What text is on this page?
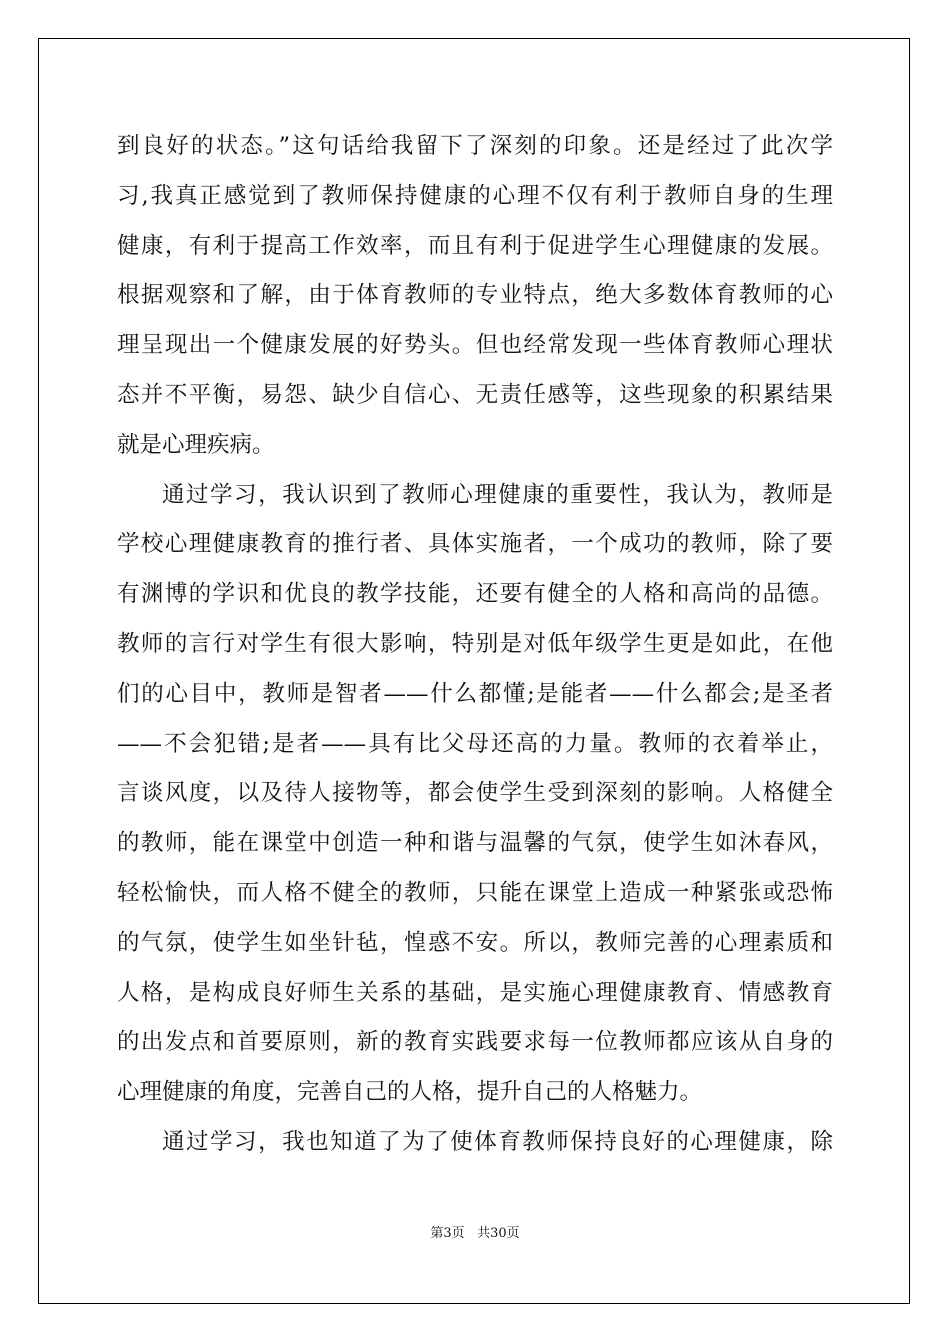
到良好的状态。”这句话给我留下了深刻的印象。还是经过了此次学
习,我真正感觉到了教师保持健康的心理不仅有利于教师自身的生理
健康，有利于提高工作效率，而且有利于促进学生心理健康的发展。
根据观察和了解，由于体育教师的专业特点，绝大多数体育教师的心
理呈现出一个健康发展的好势头。但也经常发现一些体育教师心理状
态并不平衡，易怨、缺少自信心、无责任感等，这些现象的积累结果
就是心理疾病。
通过学习，我认识到了教师心理健康的重要性，我认为，教师是
学校心理健康教育的推行者、具体实施者，一个成功的教师，除了要
有渊博的学识和优良的教学技能，还要有健全的人格和高尚的品德。
教师的言行对学生有很大影响，特别是对低年级学生更是如此，在他
们的心目中，教师是智者——什么都懂;是能者——什么都会;是圣者
——不会犯错;是者——具有比父母还高的力量。教师的衣着举止，
言谈风度，以及待人接物等，都会使学生受到深刻的影响。人格健全
的教师，能在课堂中创造一种和谐与温馨的气氛，使学生如沐春风，
轻松愉快，而人格不健全的教师，只能在课堂上造成一种紧张或恐怖
的气氛，使学生如坐针毡，惶惑不安。所以，教师完善的心理素质和
人格，是构成良好师生关系的基础，是实施心理健康教育、情感教育
的出发点和首要原则，新的教育实践要求每一位教师都应该从自身的
心理健康的角度，完善自己的人格，提升自己的人格魅力。
通过学习，我也知道了为了使体育教师保持良好的心理健康，除
第3页 共30页
